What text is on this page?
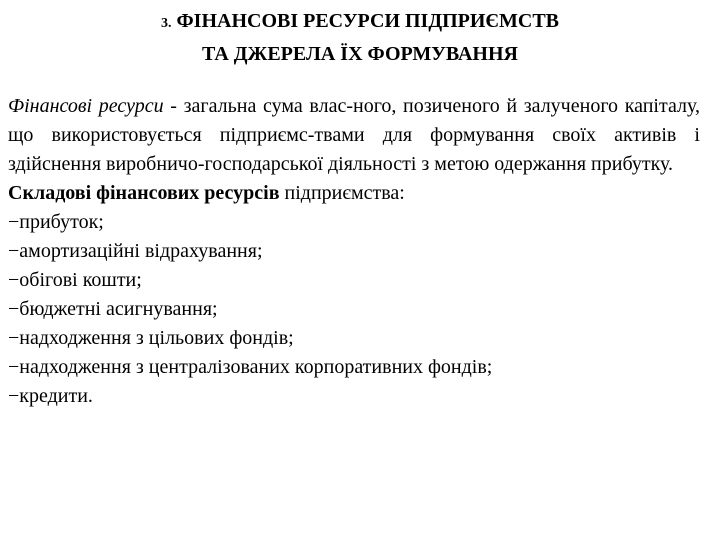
3. ФІНАНСОВІ РЕСУРСИ ПІДПРИЄМСТВ
ТА ДЖЕРЕЛА ЇХ ФОРМУВАННЯ

Фінансові ресурси - загальна сума влас-ного, позиченого й залученого капіталу, що використовується підприємс-твами для формування своїх активів і здійснення виробничо-господарської діяльності з метою одержання прибутку.

Складові фінансових ресурсів підприємства:

−прибуток;
−амортизаційні відрахування;
−обігові кошти;
−бюджетні асигнування;
−надходження з цільових фондів;
−надходження з централізованих корпоративних фондів;
−кредити.
